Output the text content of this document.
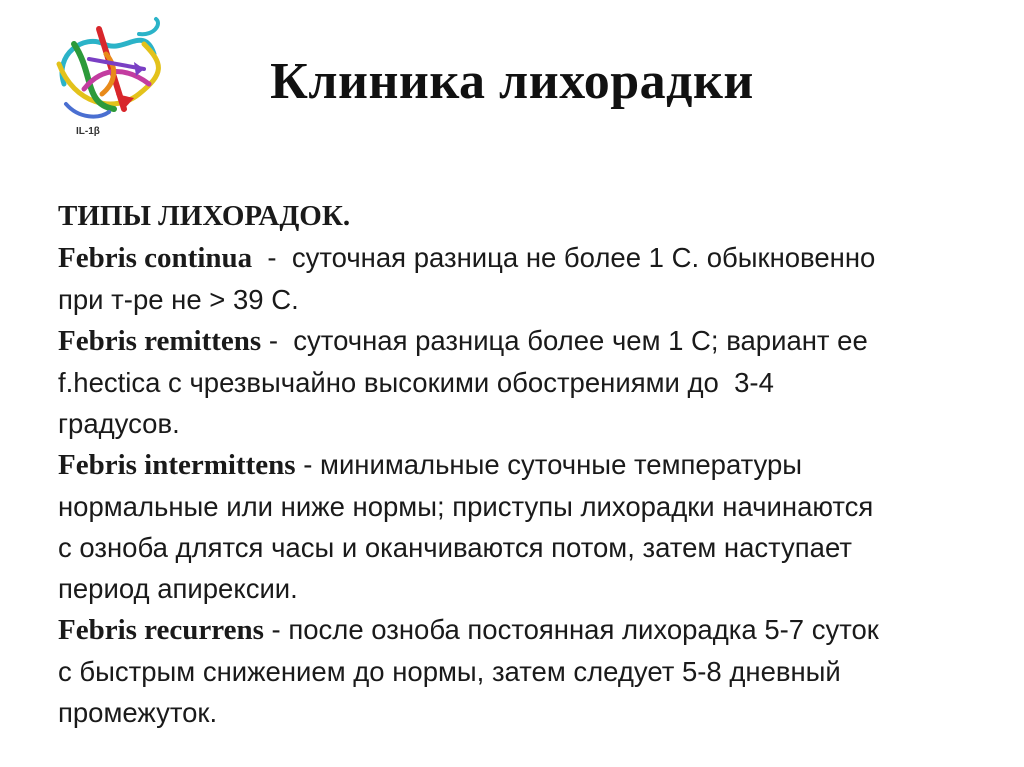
IL-1β
Клиника лихорадки
ТИПЫ ЛИХОРАДОК.
Febris continua  -  суточная разница не более 1 С. обыкновенно
при т-ре не > 39 С.
Febris remittens -  суточная разница более чем 1 С; вариант ее
f.hectica с чрезвычайно высокими обострениями до  3-4
градусов.
Febris intermittens - минимальные суточные температуры
нормальные или ниже нормы; приступы лихорадки начинаются
с озноба длятся часы и оканчиваются потом, затем наступает
период апирексии.
Febris recurrens - после озноба постоянная лихорадка 5-7 суток
с быстрым снижением до нормы, затем следует 5-8 дневный
промежуток.
